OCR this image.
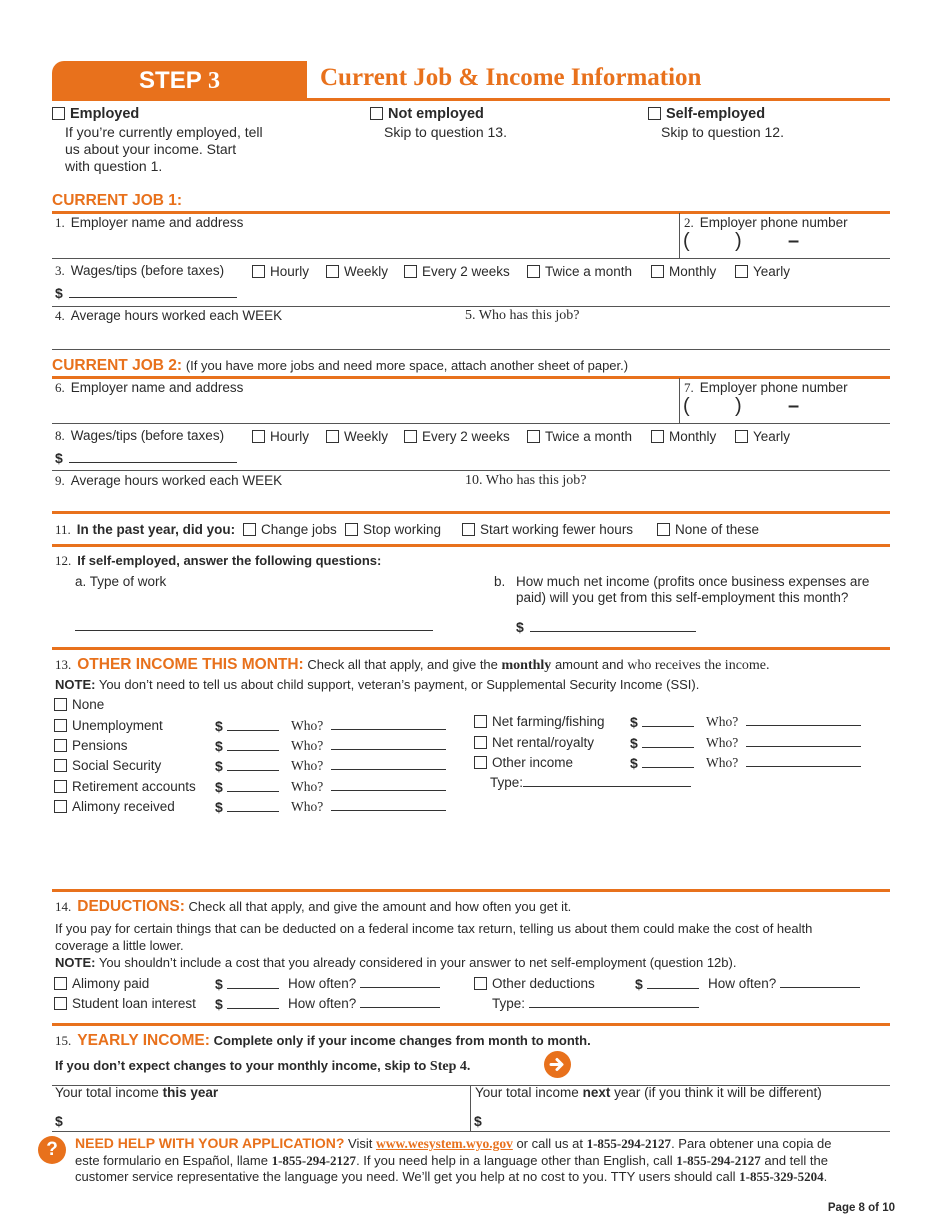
STEP 3	Current Job & Income Information
Employed
If you’re currently employed, tell
us about your income. Start
with question 1.
Not employed
Skip to question 13.
Self-employed
Skip to question 12.
CURRENT JOB 1:
1. Employer name and address	2. Employer phone number
( ) –
3. Wages/tips (before taxes)	Hourly	Weekly	Every 2 weeks	Twice a month	Monthly	Yearly
$
4. Average hours worked each WEEK	5. Who has this job?
CURRENT JOB 2: (If you have more jobs and need more space, attach another sheet of paper.)
6. Employer name and address	7. Employer phone number
( ) –
8. Wages/tips (before taxes)	Hourly	Weekly	Every 2 weeks	Twice a month	Monthly	Yearly
$
9. Average hours worked each WEEK	10. Who has this job?
11. In the past year, did you:	Change jobs	Stop working	Start working fewer hours	None of these
12. If self-employed, answer the following questions:
a. Type of work	b. How much net income (profits once business expenses are
paid) will you get from this self-employment this month?
$
13. OTHER INCOME THIS MONTH: Check all that apply, and give the monthly amount and who receives the income.
NOTE: You don’t need to tell us about child support, veteran’s payment, or Supplemental Security Income (SSI).
None
Unemployment	$	Who?
Pensions	$	Who?
Social Security	$	Who?
Retirement accounts $	Who?
Alimony received	$	Who?
Net farming/fishing $	Who?
Net rental/royalty	$	Who?
Other income	$	Who?
Type:
14. DEDUCTIONS: Check all that apply, and give the amount and how often you get it.
If you pay for certain things that can be deducted on a federal income tax return, telling us about them could make the cost of health
coverage a little lower.
NOTE: You shouldn’t include a cost that you already considered in your answer to net self-employment (question 12b).
Alimony paid	$	How often?
Student loan interest $	How often?
Other deductions	$	How often?
Type:
15. YEARLY INCOME: Complete only if your income changes from month to month.
If you don’t expect changes to your monthly income, skip to Step 4.
Your total income this year
$
Your total income next year (if you think it will be different)
$
?	NEED HELP WITH YOUR APPLICATION? Visit www.wesystem.wyo.gov or call us at 1-855-294-2127. Para obtener una copia de
este formulario en Español, llame 1-855-294-2127. If you need help in a language other than English, call 1-855-294-2127 and tell the
customer service representative the language you need. We’ll get you help at no cost to you. TTY users should call 1-855-329-5204.
Page 8 of 10
